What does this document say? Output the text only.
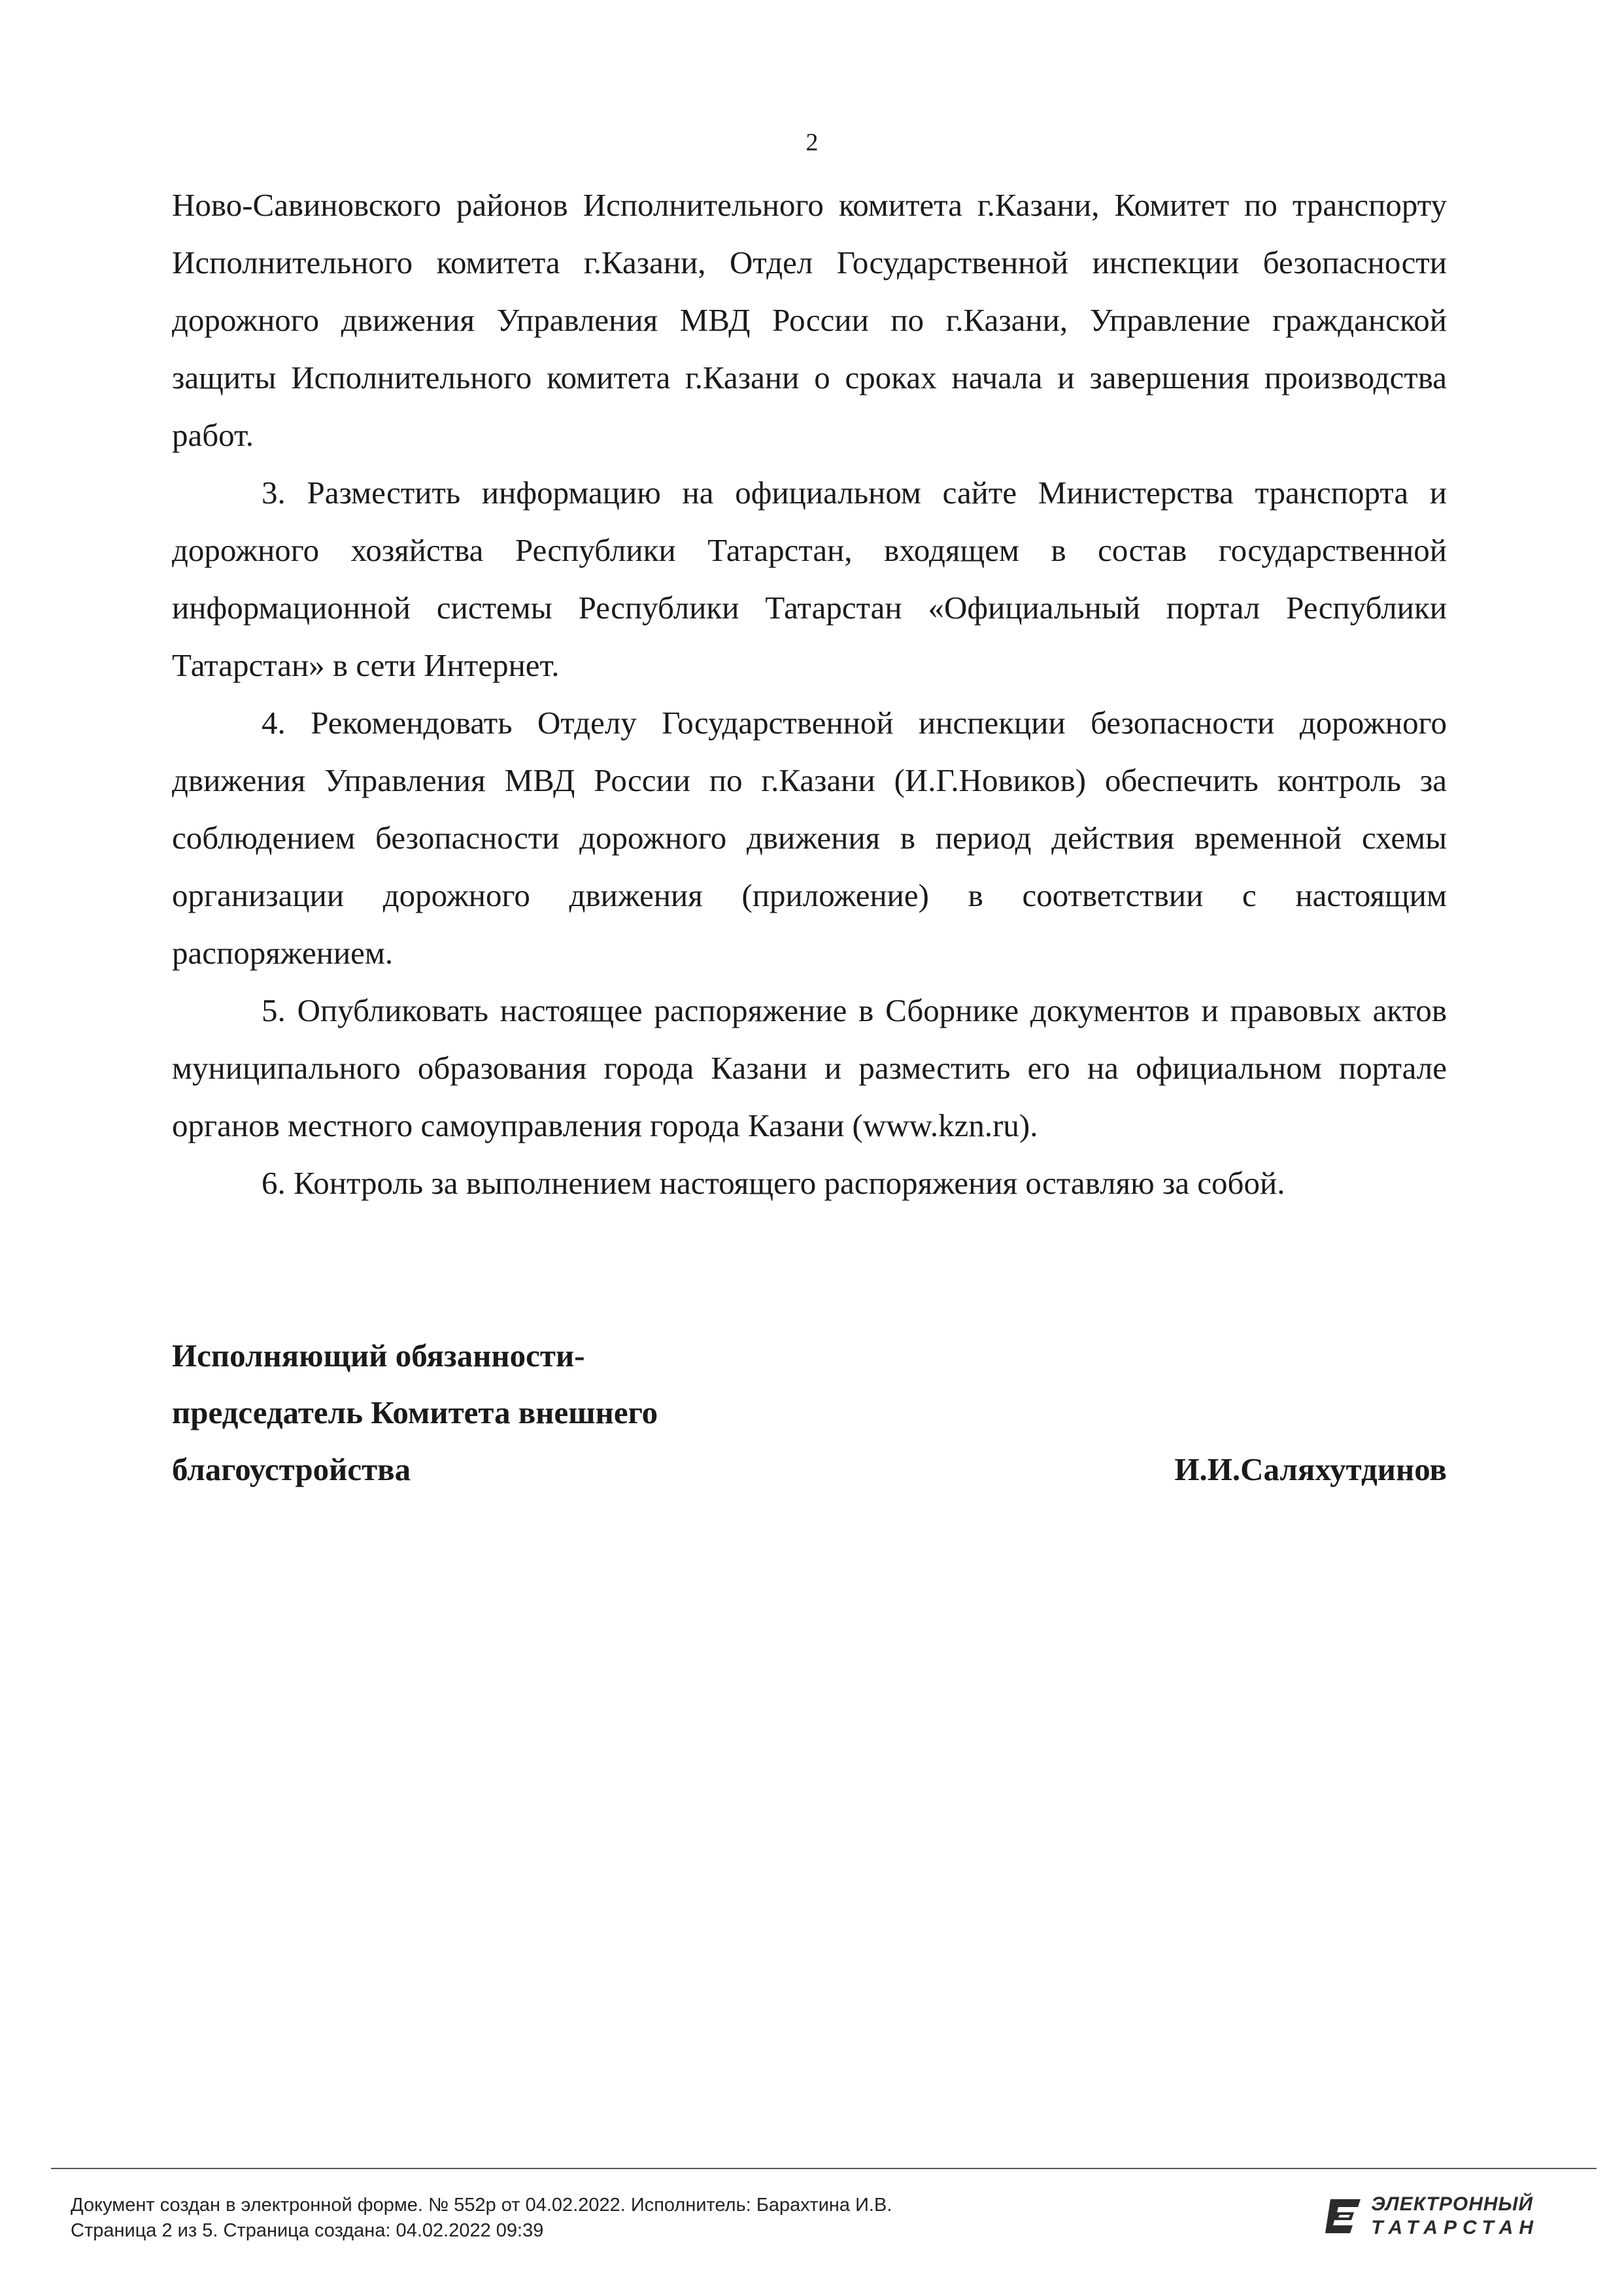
2

Ново-Савиновского районов Исполнительного комитета г.Казани, Комитет по транспорту Исполнительного комитета г.Казани, Отдел Государственной инспекции безопасности дорожного движения Управления МВД России по г.Казани, Управление гражданской защиты Исполнительного комитета г.Казани о сроках начала и завершения производства работ.

3. Разместить информацию на официальном сайте Министерства транспорта и дорожного хозяйства Республики Татарстан, входящем в состав государственной информационной системы Республики Татарстан «Официальный портал Республики Татарстан» в сети Интернет.

4. Рекомендовать Отделу Государственной инспекции безопасности дорожного движения Управления МВД России по г.Казани (И.Г.Новиков) обеспечить контроль за соблюдением безопасности дорожного движения в период действия временной схемы организации дорожного движения (приложение) в соответствии с настоящим распоряжением.

5. Опубликовать настоящее распоряжение в Сборнике документов и правовых актов муниципального образования города Казани и разместить его на официальном портале органов местного самоуправления города Казани (www.kzn.ru).

6. Контроль за выполнением настоящего распоряжения оставляю за собой.

Исполняющий обязанности-
председатель Комитета внешнего
благоустройства	И.И.Саляхутдинов
Документ создан в электронной форме. № 552р от 04.02.2022. Исполнитель: Барахтина И.В.
Страница 2 из 5. Страница создана: 04.02.2022 09:39
ЭЛЕКТРОННЫЙ
ТАТАРСТАН
